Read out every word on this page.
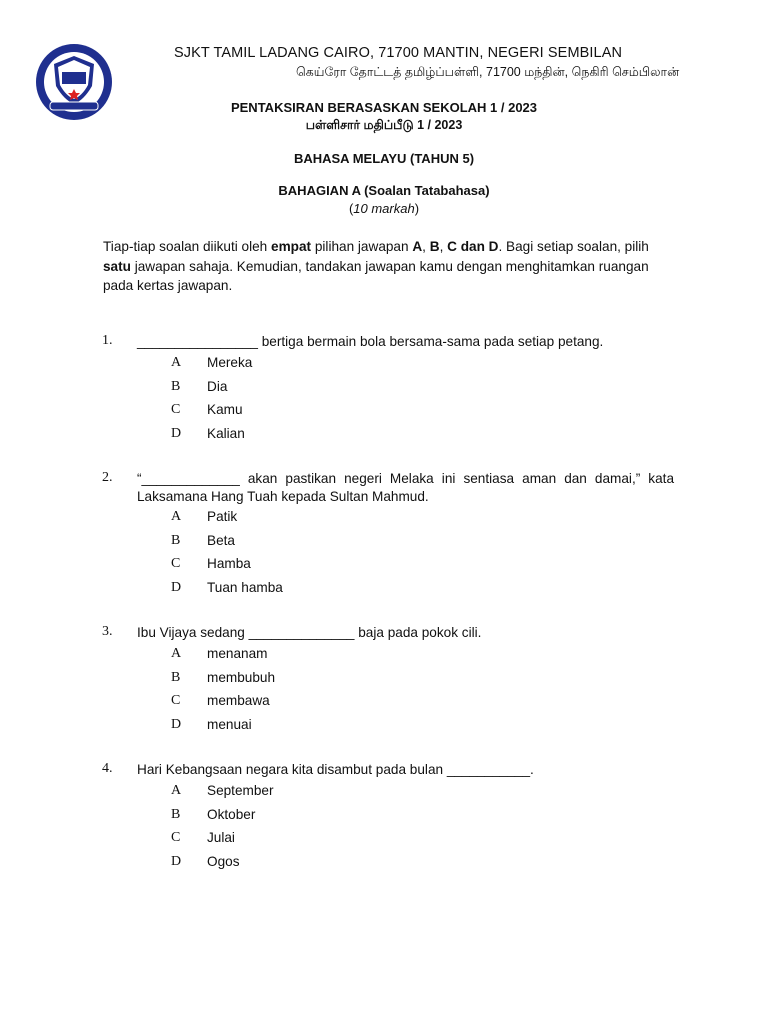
SJKT TAMIL LADANG CAIRO, 71700 MANTIN, NEGERI SEMBILAN
கெய்ரோ தோட்டத் தமிழ்ப்பள்ளி, 71700 மந்தின், நெகிரி செம்பிலான்
PENTAKSIRAN BERASASKAN SEKOLAH 1 / 2023
பள்ளிசார் மதிப்பீடு 1 / 2023
BAHASA MELAYU (TAHUN 5)
BAHAGIAN A (Soalan Tatabahasa)
(10 markah)
Tiap-tiap soalan diikuti oleh empat pilihan jawapan A, B, C dan D. Bagi setiap soalan, pilih satu jawapan sahaja. Kemudian, tandakan jawapan kamu dengan menghitamkan ruangan pada kertas jawapan.
1. ________________ bertiga bermain bola bersama-sama pada setiap petang.
A	Mereka
B	Dia
C	Kamu
D	Kalian
2. “_____________ akan pastikan negeri Melaka ini sentiasa aman dan damai,” kata Laksamana Hang Tuah kepada Sultan Mahmud.
A	Patik
B	Beta
C	Hamba
D	Tuan hamba
3. Ibu Vijaya sedang ______________ baja pada pokok cili.
A	menanam
B	membubuh
C	membawa
D	menuai
4. Hari Kebangsaan negara kita disambut pada bulan ___________.
A	September
B	Oktober
C	Julai
D	Ogos
